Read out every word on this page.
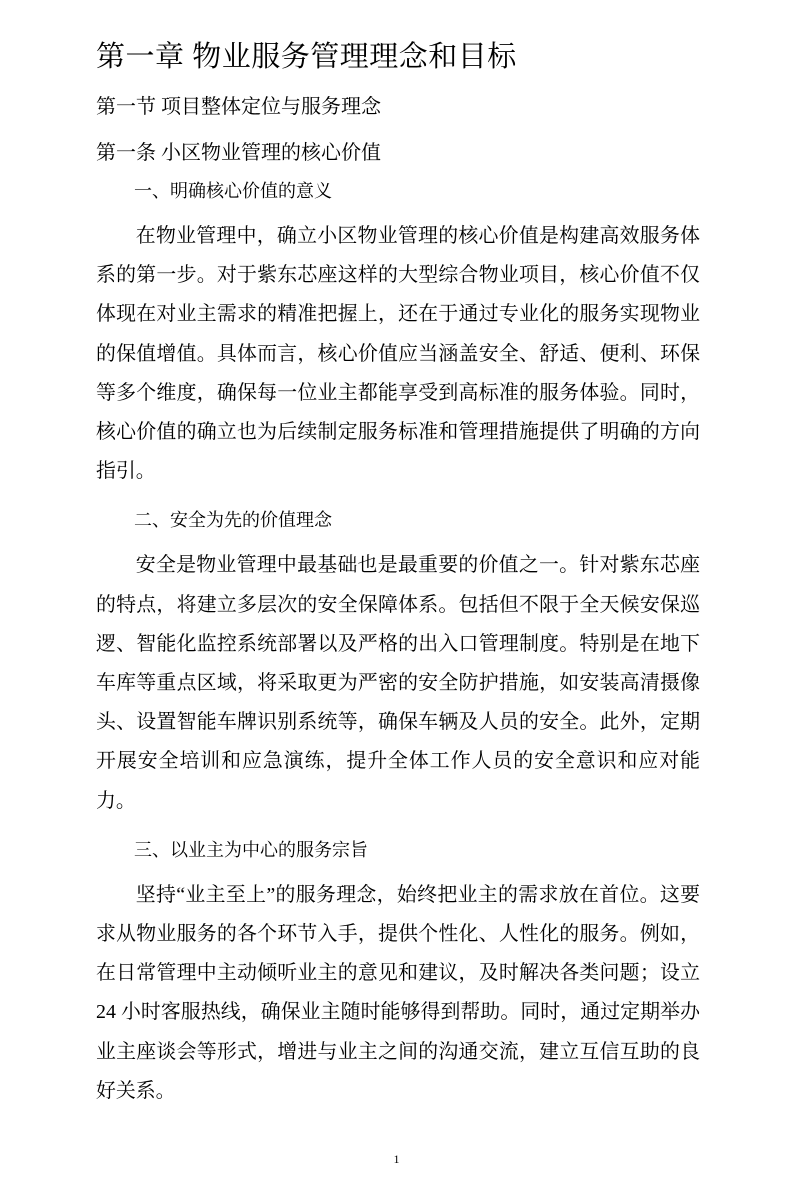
第一章 物业服务管理理念和目标
第一节 项目整体定位与服务理念
第一条 小区物业管理的核心价值
一、明确核心价值的意义

在物业管理中，确立小区物业管理的核心价值是构建高效服务体系的第一步。对于紫东芯座这样的大型综合物业项目，核心价值不仅体现在对业主需求的精准把握上，还在于通过专业化的服务实现物业的保值增值。具体而言，核心价值应当涵盖安全、舒适、便利、环保等多个维度，确保每一位业主都能享受到高标准的服务体验。同时，核心价值的确立也为后续制定服务标准和管理措施提供了明确的方向指引。

二、安全为先的价值理念

安全是物业管理中最基础也是最重要的价值之一。针对紫东芯座的特点，将建立多层次的安全保障体系。包括但不限于全天候安保巡逻、智能化监控系统部署以及严格的出入口管理制度。特别是在地下车库等重点区域，将采取更为严密的安全防护措施，如安装高清摄像头、设置智能车牌识别系统等，确保车辆及人员的安全。此外，定期开展安全培训和应急演练，提升全体工作人员的安全意识和应对能力。

三、以业主为中心的服务宗旨

坚持“业主至上”的服务理念，始终把业主的需求放在首位。这要求从物业服务的各个环节入手，提供个性化、人性化的服务。例如，在日常管理中主动倾听业主的意见和建议，及时解决各类问题；设立 24 小时客服热线，确保业主随时能够得到帮助。同时，通过定期举办业主座谈会等形式，增进与业主之间的沟通交流，建立互信互助的良好关系。

1
